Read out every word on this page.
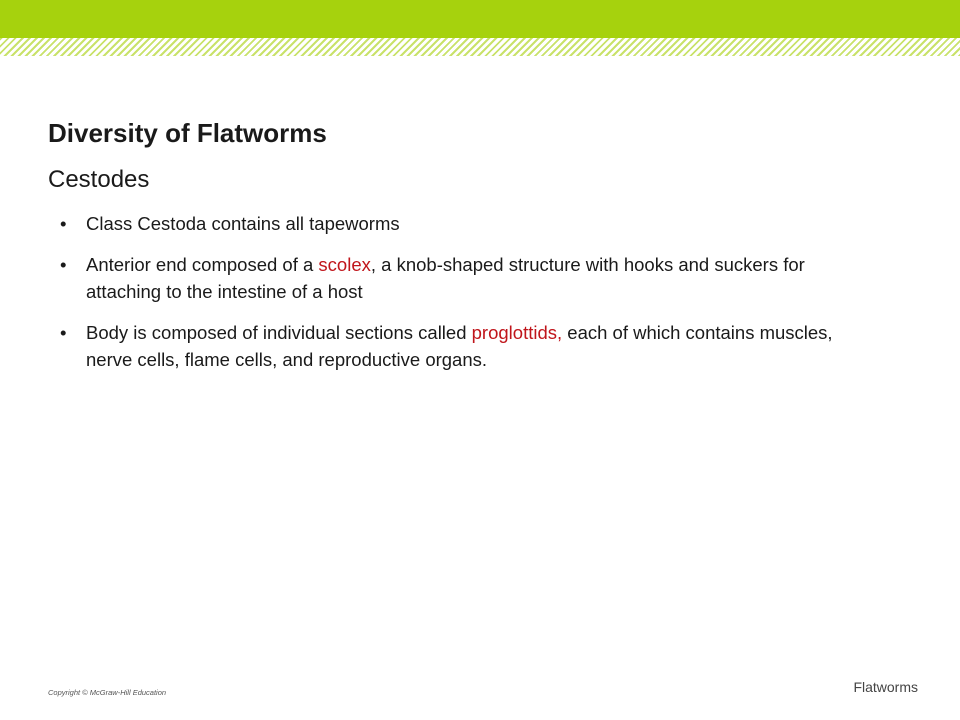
Diversity of Flatworms
Cestodes
• Class Cestoda contains all tapeworms
• Anterior end composed of a scolex, a knob-shaped structure with hooks and suckers for attaching to the intestine of a host
• Body is composed of individual sections called proglottids, each of which contains muscles, nerve cells, flame cells, and reproductive organs.
Copyright © McGraw-Hill Education	Flatworms
